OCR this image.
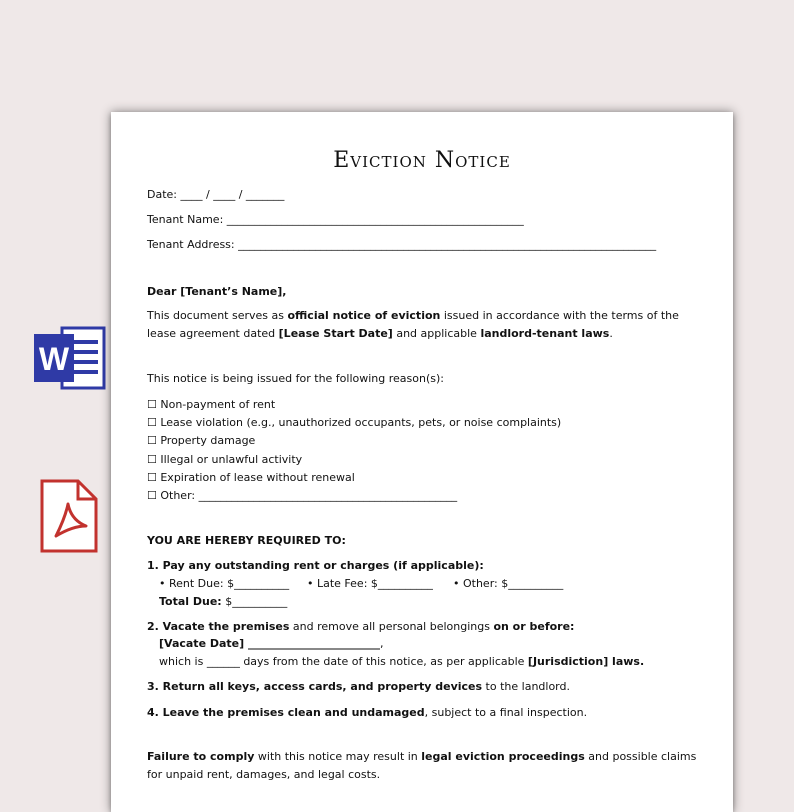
W
Eviction Notice
Date: ____ / ____ / _______
Tenant Name: ______________________________________________________
Tenant Address: ____________________________________________________________________________
Dear [Tenant’s Name],
This document serves as official notice of eviction issued in accordance with the terms of the lease agreement dated [Lease Start Date] and applicable landlord-tenant laws.
This notice is being issued for the following reason(s):
☐ Non-payment of rent
☐ Lease violation (e.g., unauthorized occupants, pets, or noise complaints)
☐ Property damage
☐ Illegal or unlawful activity
☐ Expiration of lease without renewal
☐ Other: _______________________________________________
YOU ARE HEREBY REQUIRED TO:
1. Pay any outstanding rent or charges (if applicable):
• Rent Due: $__________ • Late Fee: $__________ • Other: $__________
Total Due: $__________
2. Vacate the premises and remove all personal belongings on or before:
[Vacate Date] ________________________,
which is ______ days from the date of this notice, as per applicable [Jurisdiction] laws.
3. Return all keys, access cards, and property devices to the landlord.
4. Leave the premises clean and undamaged, subject to a final inspection.
Failure to comply with this notice may result in legal eviction proceedings and possible claims for unpaid rent, damages, and legal costs.
